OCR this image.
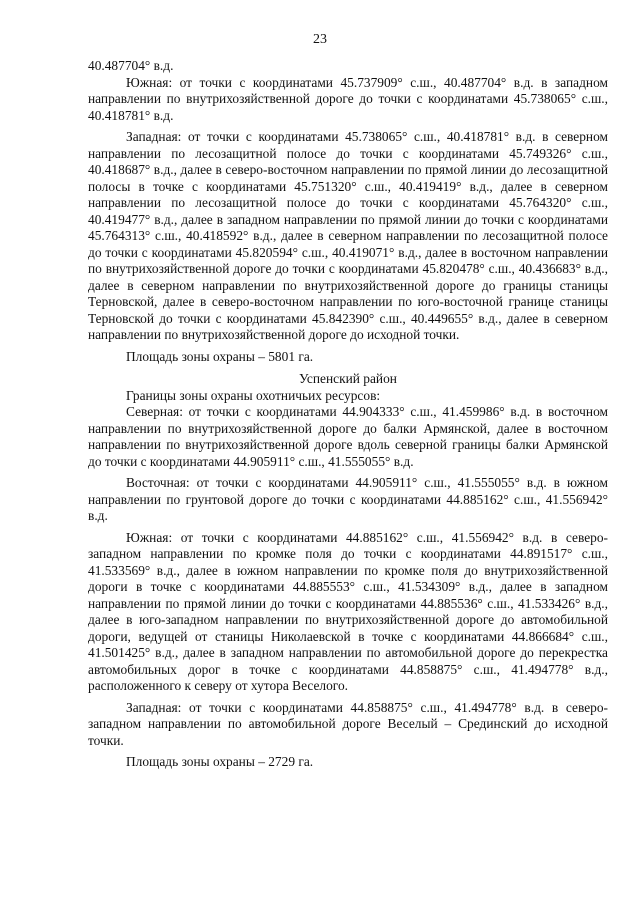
23

40.487704° в.д.

Южная: от точки с координатами 45.737909° с.ш., 40.487704° в.д. в западном направлении по внутрихозяйственной дороге до точки с координатами 45.738065° с.ш., 40.418781° в.д.

Западная: от точки с координатами 45.738065° с.ш., 40.418781° в.д. в северном направлении по лесозащитной полосе до точки с координатами 45.749326° с.ш., 40.418687° в.д., далее в северо-восточном направлении по прямой линии до лесозащитной полосы в точке с координатами 45.751320° с.ш., 40.419419° в.д., далее в северном направлении по лесозащитной полосе до точки с координатами 45.764320° с.ш., 40.419477° в.д., далее в западном направлении по прямой линии до точки с координатами 45.764313° с.ш., 40.418592° в.д., далее в северном направлении по лесозащитной полосе до точки с координатами 45.820594° с.ш., 40.419071° в.д., далее в восточном направлении по внутрихозяйственной дороге до точки с координатами 45.820478° с.ш., 40.436683° в.д., далее в северном направлении по внутрихозяйственной дороге до границы станицы Терновской, далее в северо-восточном направлении по юго-восточной границе станицы Терновской до точки с координатами 45.842390° с.ш., 40.449655° в.д., далее в северном направлении по внутрихозяйственной дороге до исходной точки.

Площадь зоны охраны – 5801 га.

Успенский район

Границы зоны охраны охотничьих ресурсов:

Северная: от точки с координатами 44.904333° с.ш., 41.459986° в.д. в восточном направлении по внутрихозяйственной дороге до балки Армянской, далее в восточном направлении по внутрихозяйственной дороге вдоль северной границы балки Армянской до точки с координатами 44.905911° с.ш., 41.555055° в.д.

Восточная: от точки с координатами 44.905911° с.ш., 41.555055° в.д. в южном направлении по грунтовой дороге до точки с координатами 44.885162° с.ш., 41.556942° в.д.

Южная: от точки с координатами 44.885162° с.ш., 41.556942° в.д. в северо-западном направлении по кромке поля до точки с координатами 44.891517° с.ш., 41.533569° в.д., далее в южном направлении по кромке поля до внутрихозяйственной дороги в точке с координатами 44.885553° с.ш., 41.534309° в.д., далее в западном направлении по прямой линии до точки с координатами 44.885536° с.ш., 41.533426° в.д., далее в юго-западном направлении по внутрихозяйственной дороге до автомобильной дороги, ведущей от станицы Николаевской в точке с координатами 44.866684° с.ш., 41.501425° в.д., далее в западном направлении по автомобильной дороге до перекрестка автомобильных дорог в точке с координатами 44.858875° с.ш., 41.494778° в.д., расположенного к северу от хутора Веселого.

Западная: от точки с координатами 44.858875° с.ш., 41.494778° в.д. в северо-западном направлении по автомобильной дороге Веселый – Срединский до исходной точки.

Площадь зоны охраны – 2729 га.
